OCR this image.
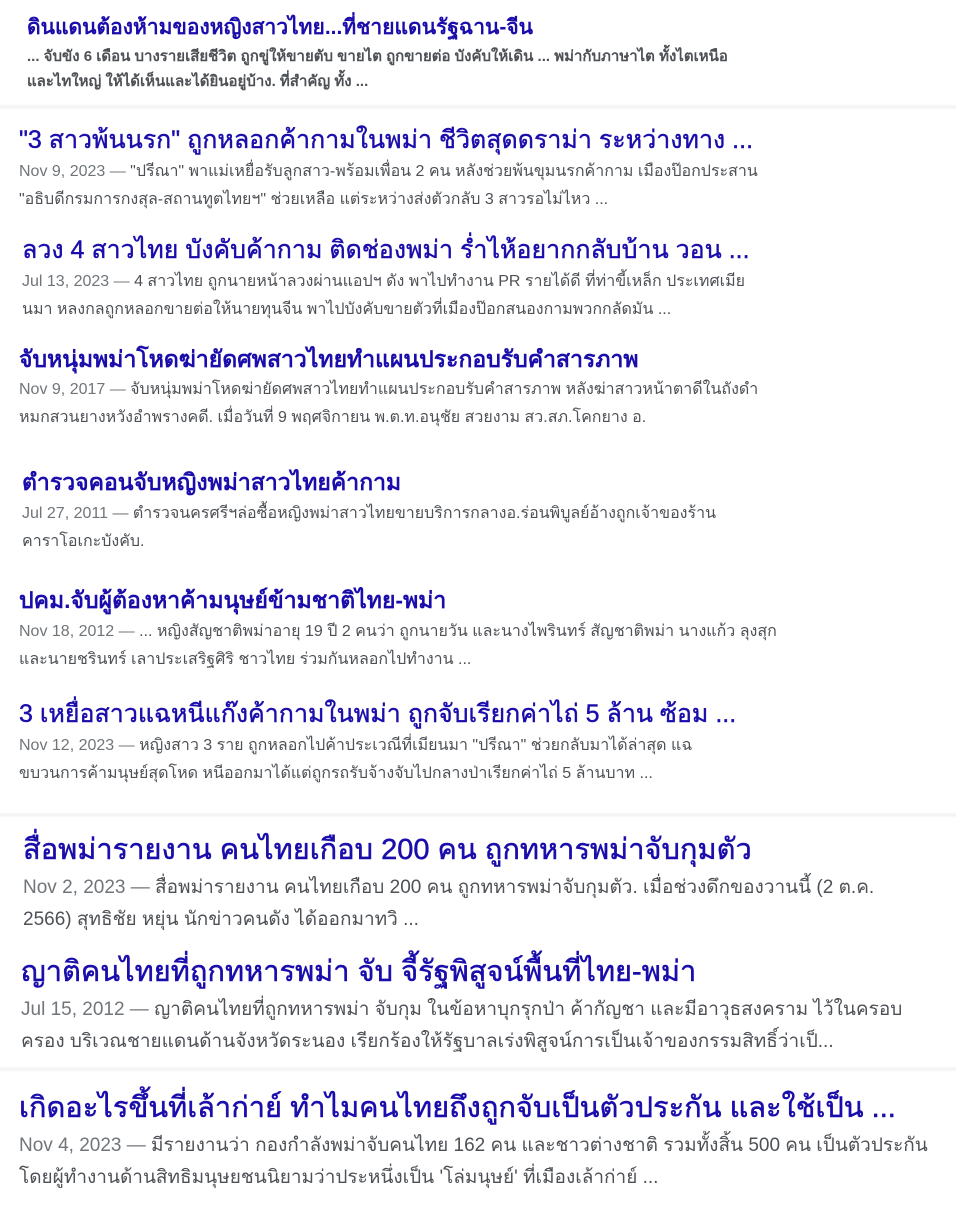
ดินแดนต้องห้ามของหญิงสาวไทย...ที่ชายแดนรัฐฉาน-จีน

... จับขัง 6 เดือน บางรายเสียชีวิต ถูกขู่ให้ขายตับ ขายไต ถูกขายต่อ บังคับให้เดิน ... พม่ากับภาษาไต ทั้งไตเหนือและไทใหญ่ ให้ได้เห็นและได้ยินอยู่บ้าง. ที่สำคัญ ทั้ง ...

"3 สาวพ้นนรก" ถูกหลอกค้ากามในพม่า ชีวิตสุดดราม่า ระหว่างทาง ...

Nov 9, 2023 — "ปรีณา" พาแม่เหยื่อรับลูกสาว-พร้อมเพื่อน 2 คน หลังช่วยพ้นขุมนรกค้ากาม เมืองป๊อกประสาน "อธิบดีกรมการกงสุล-สถานทูตไทยฯ" ช่วยเหลือ แต่ระหว่างส่งตัวกลับ 3 สาวรอไม่ไหว ...

ลวง 4 สาวไทย บังคับค้ากาม ติดช่องพม่า ร่ำไห้อยากกลับบ้าน วอน ...

Jul 13, 2023 — 4 สาวไทย ถูกนายหน้าลวงผ่านแอปฯ ดัง พาไปทำงาน PR รายได้ดี ที่ท่าขี้เหล็ก ประเทศเมียนมา หลงกลถูกหลอกขายต่อให้นายทุนจีน พาไปบังคับขายตัวที่เมืองป๊อกสนองกามพวกกลัดมัน ...

จับหนุ่มพม่าโหดฆ่ายัดศพสาวไทยทำแผนประกอบรับคำสารภาพ

Nov 9, 2017 — จับหนุ่มพม่าโหดฆ่ายัดศพสาวไทยทำแผนประกอบรับคำสารภาพ หลังฆ่าสาวหน้าตาดีในถังดำหมกสวนยางหวังอำพรางคดี. เมื่อวันที่ 9 พฤศจิกายน พ.ต.ท.อนุชัย สวยงาม สว.สภ.โคกยาง อ.

ตำรวจคอนจับหญิงพม่าสาวไทยค้ากาม

Jul 27, 2011 — ตำรวจนครศรีฯล่อซื้อหญิงพม่าสาวไทยขายบริการกลางอ.ร่อนพิบูลย์อ้างถูกเจ้าของร้านคาราโอเกะบังคับ.

ปคม.จับผู้ต้องหาค้ามนุษย์ข้ามชาติไทย-พม่า

Nov 18, 2012 — ... หญิงสัญชาติพม่าอายุ 19 ปี 2 คนว่า ถูกนายวัน และนางไพรินทร์ สัญชาติพม่า นางแก้ว ลุงสุกและนายชรินทร์ เลาประเสริฐศิริ ชาวไทย ร่วมกันหลอกไปทำงาน ...

3 เหยื่อสาวแฉหนีแก๊งค้ากามในพม่า ถูกจับเรียกค่าไถ่ 5 ล้าน ซ้อม ...

Nov 12, 2023 — หญิงสาว 3 ราย ถูกหลอกไปค้าประเวณีที่เมียนมา "ปรีณา" ช่วยกลับมาได้ล่าสุด แฉขบวนการค้ามนุษย์สุดโหด หนีออกมาได้แต่ถูกรถรับจ้างจับไปกลางป่าเรียกค่าไถ่ 5 ล้านบาท ...

สื่อพม่ารายงาน คนไทยเกือบ 200 คน ถูกทหารพม่าจับกุมตัว

Nov 2, 2023 — สื่อพม่ารายงาน คนไทยเกือบ 200 คน ถูกทหารพม่าจับกุมตัว. เมื่อช่วงดึกของวานนี้ (2 ต.ค. 2566) สุทธิชัย หยุ่น นักข่าวคนดัง ได้ออกมาทวิ ...

ญาติคนไทยที่ถูกทหารพม่า จับ จี้รัฐพิสูจน์พื้นที่ไทย-พม่า

Jul 15, 2012 — ญาติคนไทยที่ถูกทหารพม่า จับกุม ในข้อหาบุกรุกป่า ค้ากัญชา และมีอาวุธสงคราม ไว้ในครอบครอง บริเวณชายแดนด้านจังหวัดระนอง เรียกร้องให้รัฐบาลเร่งพิสูจน์การเป็นเจ้าของกรรมสิทธิ์ว่าเป็...

เกิดอะไรขึ้นที่เล้าก่าย์ ทำไมคนไทยถึงถูกจับเป็นตัวประกัน และใช้เป็น ...

Nov 4, 2023 — มีรายงานว่า กองกำลังพม่าจับคนไทย 162 คน และชาวต่างชาติ รวมทั้งสิ้น 500 คน เป็นตัวประกัน โดยผู้ทำงานด้านสิทธิมนุษยชนนิยามว่าประหนึ่งเป็น 'โล่มนุษย์' ที่เมืองเล้าก่าย์ ...
